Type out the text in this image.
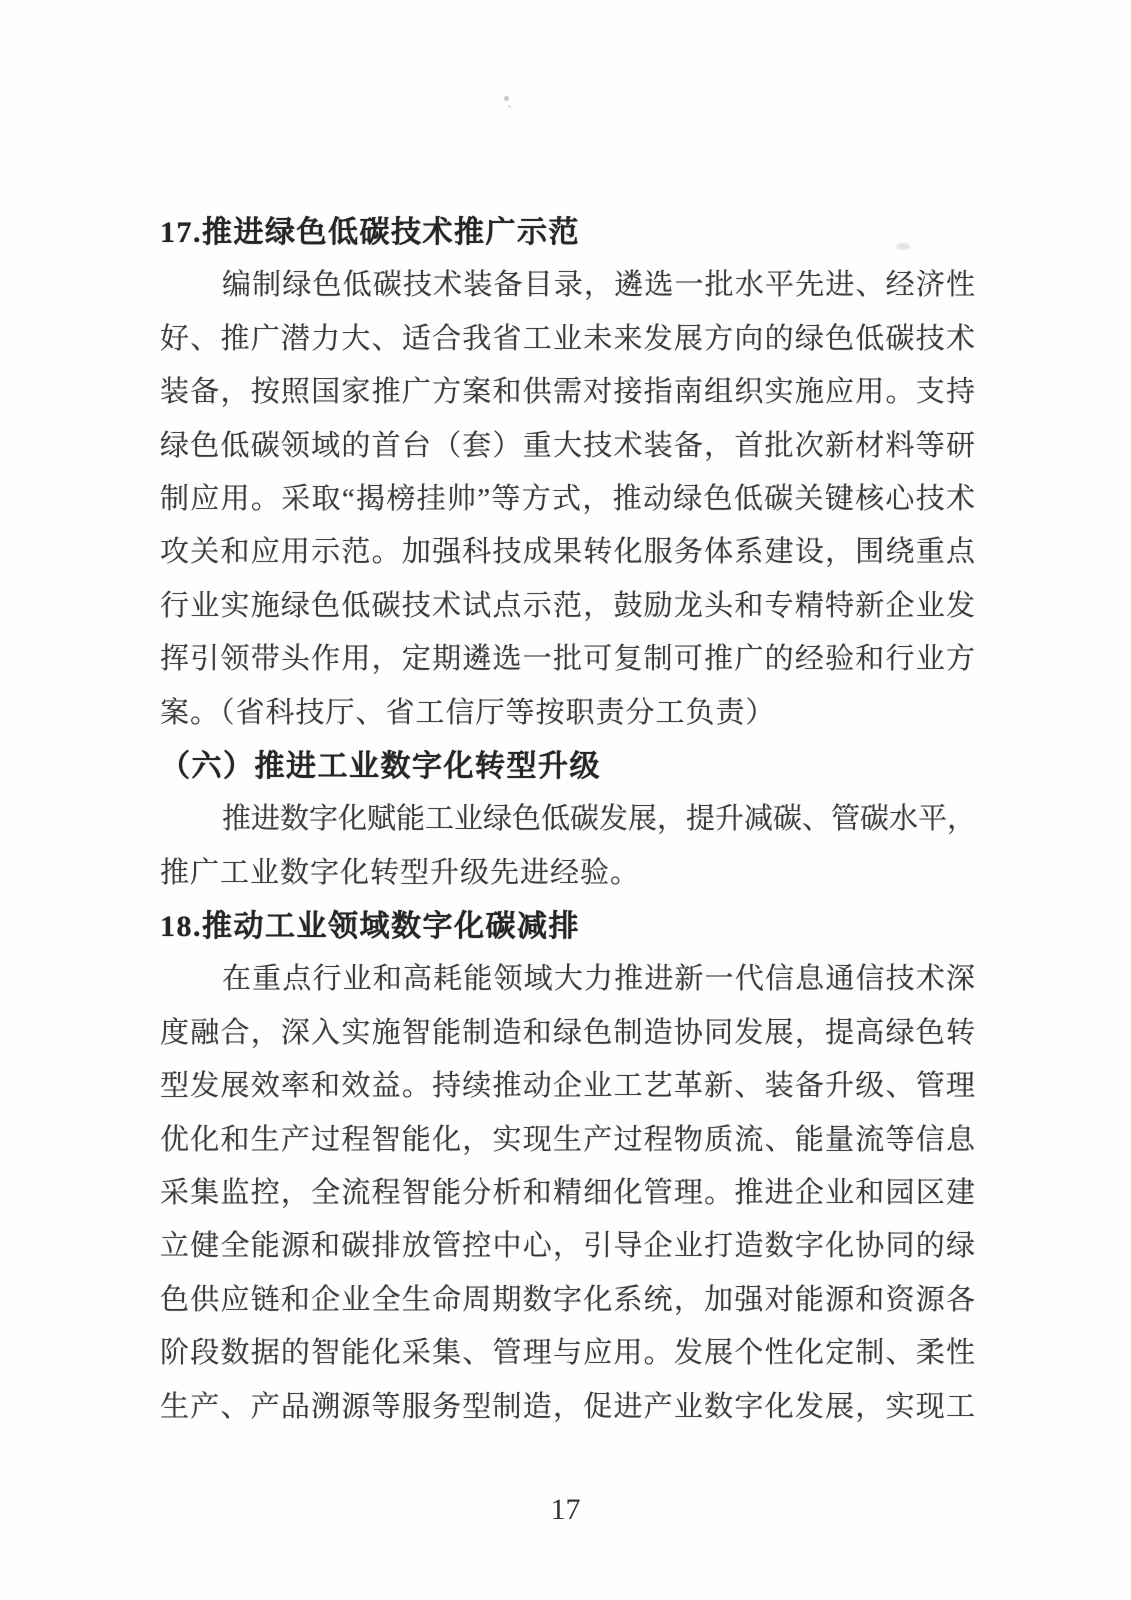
17.推进绿色低碳技术推广示范
编制绿色低碳技术装备目录，遴选一批水平先进、经济性
好、推广潜力大、适合我省工业未来发展方向的绿色低碳技术
装备，按照国家推广方案和供需对接指南组织实施应用。支持
绿色低碳领域的首台（套）重大技术装备，首批次新材料等研
制应用。采取“揭榜挂帅”等方式，推动绿色低碳关键核心技术
攻关和应用示范。加强科技成果转化服务体系建设，围绕重点
行业实施绿色低碳技术试点示范，鼓励龙头和专精特新企业发
挥引领带头作用，定期遴选一批可复制可推广的经验和行业方
案。（省科技厅、省工信厅等按职责分工负责）
（六）推进工业数字化转型升级
推进数字化赋能工业绿色低碳发展，提升减碳、管碳水平，
推广工业数字化转型升级先进经验。
18.推动工业领域数字化碳减排
在重点行业和高耗能领域大力推进新一代信息通信技术深
度融合，深入实施智能制造和绿色制造协同发展，提高绿色转
型发展效率和效益。持续推动企业工艺革新、装备升级、管理
优化和生产过程智能化，实现生产过程物质流、能量流等信息
采集监控，全流程智能分析和精细化管理。推进企业和园区建
立健全能源和碳排放管控中心，引导企业打造数字化协同的绿
色供应链和企业全生命周期数字化系统，加强对能源和资源各
阶段数据的智能化采集、管理与应用。发展个性化定制、柔性
生产、产品溯源等服务型制造，促进产业数字化发展，实现工
17
